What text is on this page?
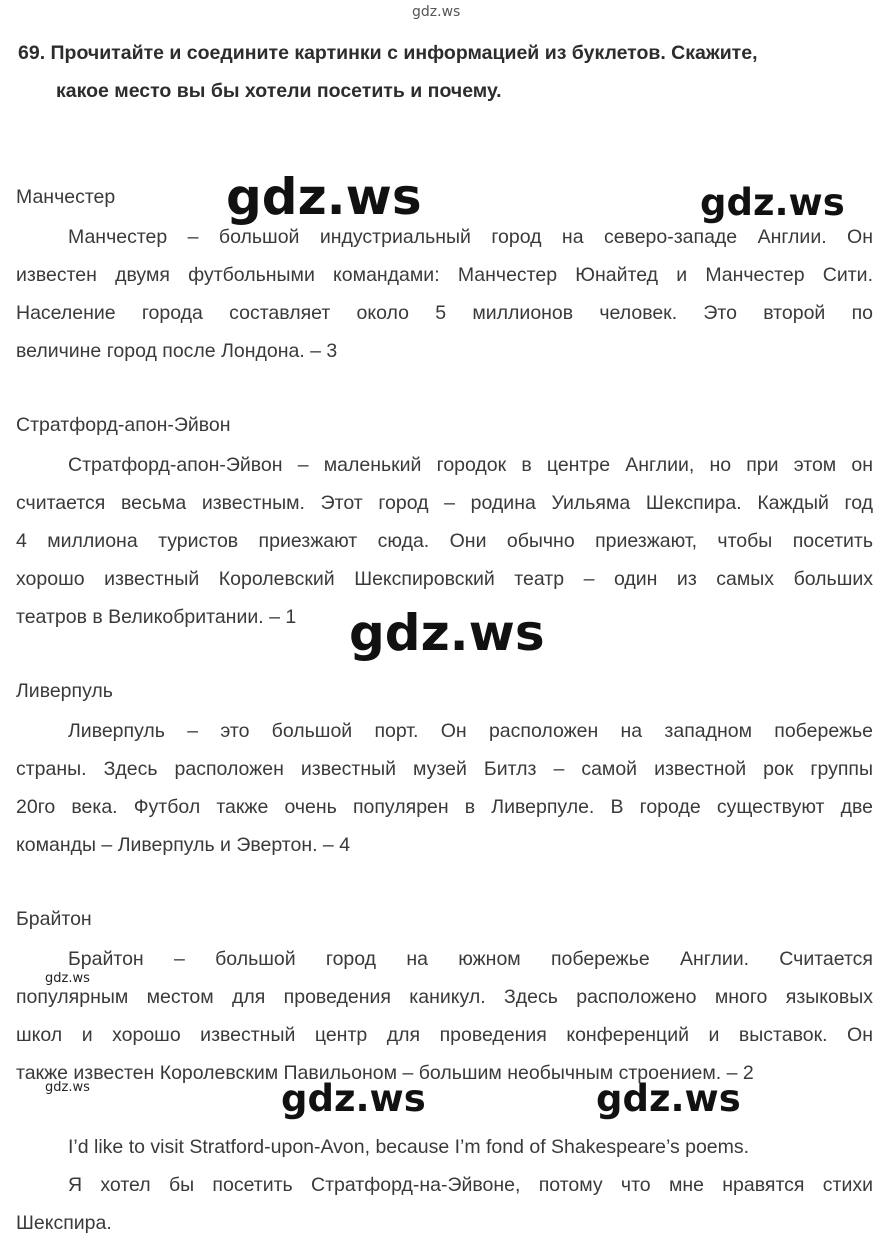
gdz.ws
gdz.ws	gdz.ws
gdz.ws
gdz.ws
gdz.ws	gdz.ws	gdz.ws
69. Прочитайте и соедините картинки с информацией из буклетов. Скажите,
какое место вы бы хотели посетить и почему.
Манчестер
Манчестер – большой индустриальный город на северо-западе Англии. Он
известен двумя футбольными командами: Манчестер Юнайтед и Манчестер Сити.
Население города составляет около 5 миллионов человек. Это второй по
величине город после Лондона. – 3
Стратфорд-апон-Эйвон
Стратфорд-апон-Эйвон – маленький городок в центре Англии, но при этом он
считается весьма известным. Этот город – родина Уильяма Шекспира. Каждый год
4 миллиона туристов приезжают сюда. Они обычно приезжают, чтобы посетить
хорошо известный Королевский Шекспировский театр – один из самых больших
театров в Великобритании. – 1
Ливерпуль
Ливерпуль – это большой порт. Он расположен на западном побережье
страны. Здесь расположен известный музей Битлз – самой известной рок группы
20го века. Футбол также очень популярен в Ливерпуле. В городе существуют две
команды – Ливерпуль и Эвертон. – 4
Брайтон
Брайтон – большой город на южном побережье Англии. Считается
популярным местом для проведения каникул. Здесь расположено много языковых
школ и хорошо известный центр для проведения конференций и выставок. Он
также известен Королевским Павильоном – большим необычным строением. – 2
I’d like to visit Stratford-upon-Avon, because I’m fond of Shakespeare’s poems.
Я хотел бы посетить Стратфорд-на-Эйвоне, потому что мне нравятся стихи
Шекспира.
